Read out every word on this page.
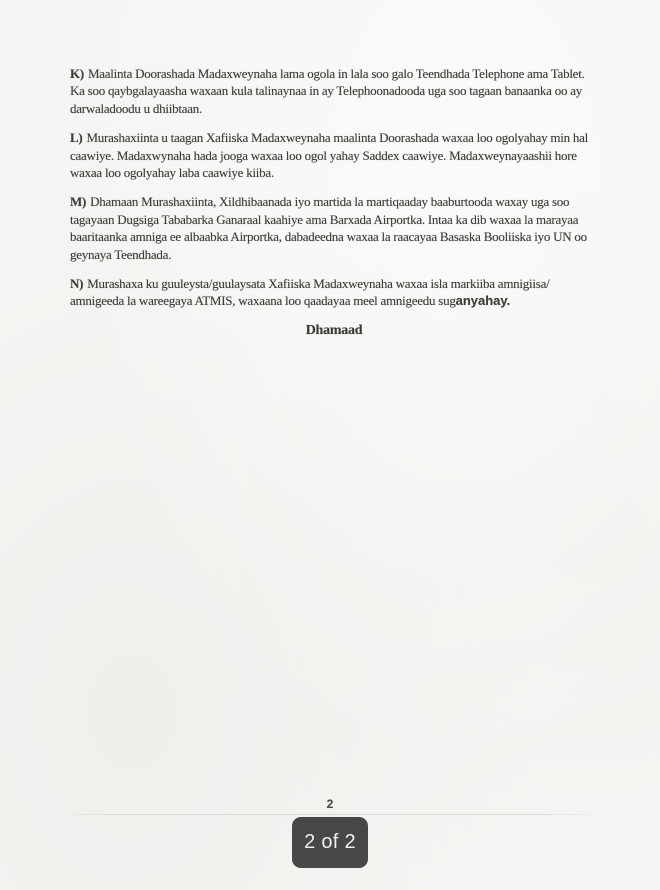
K) Maalinta Doorashada Madaxweynaha lama ogola in lala soo galo Teendhada Telephone ama Tablet. Ka soo qaybgalayaasha waxaan kula talinaynaa in ay Telephoonadooda uga soo tagaan banaanka oo ay darwaladoodu u dhiibtaan.

L) Murashaxiinta u taagan Xafiiska Madaxweynaha maalinta Doorashada waxaa loo ogolyahay min hal caawiye. Madaxwynaha hada jooga waxaa loo ogol yahay Saddex caawiye. Madaxweynayaashii hore waxaa loo ogolyahay laba caawiye kiiba.

M) Dhamaan Murashaxiinta, Xildhibaanada iyo martida la martiqaaday baaburtooda waxay uga soo tagayaan Dugsiga Tababarka Ganaraal kaahiye ama Barxada Airportka. Intaa ka dib waxaa la marayaa baaritaanka amniga ee albaabka Airportka, dabadeedna waxaa la raacayaa Basaska Booliiska iyo UN oo geynaya Teendhada.

N) Murashaxa ku guuleysta/guulaysata Xafiiska Madaxweynaha waxaa isla markiiba amnigiisa/ amnigeeda la wareegaya ATMIS, waxaana loo qaadayaa meel amnigeedu suganyahay.

Dhamaad
2
2 of 2
